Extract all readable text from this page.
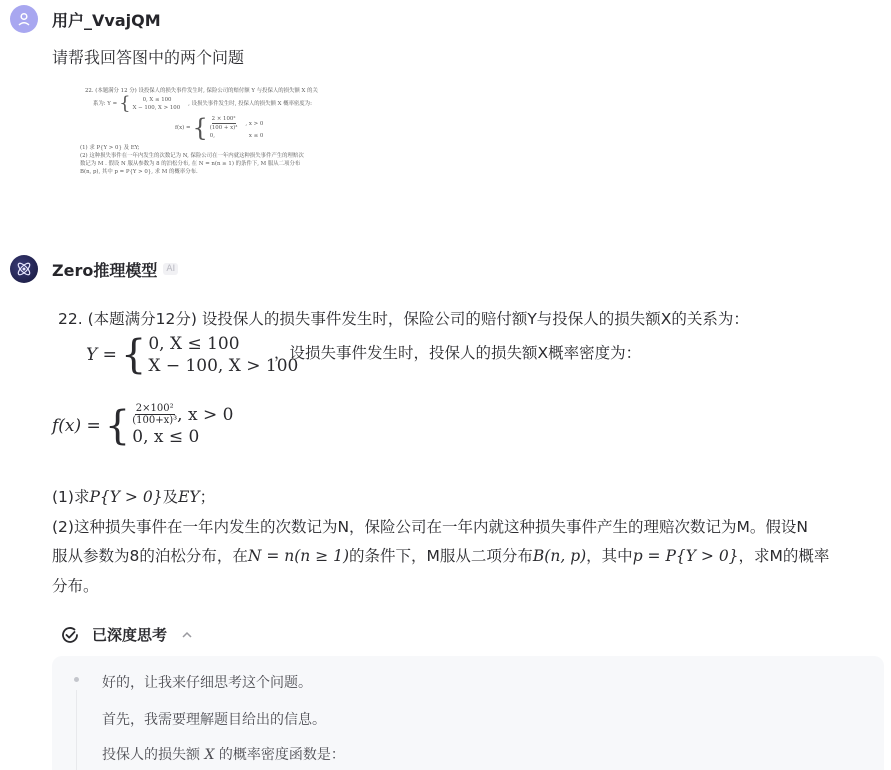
用户_VvajQM
请帮我回答图中的两个问题
22. (本题满分 12 分) 设投保人的损失事件发生时, 保险公司的赔付额 Y 与投保人的损失额 X 的关
系为: Y = { 0, X ≤ 100
X − 100, X > 100
, 设损失事件发生时, 投保人的损失额 X 概率密度为:
f(x) = { $\frac{\text{2 × 100²}}{\text{(100 + x)³}}$ , x > 0
0,	x ≤ 0
(1) 求 P{Y > 0} 及 EY;
(2) 这种损失事件在一年内发生的次数记为 N, 保险公司在一年内就这种损失事件产生的理赔次
数记为 M . 假设 N 服从参数为 8 的泊松分布, 在 N = n(n ≥ 1) 的条件下, M 服从二项分布
B(n, p), 其中 p = P{Y > 0}, 求 M 的概率分布.
Zero推理模型	AI
22. (本题满分12分) 设投保人的损失事件发生时，保险公司的赔付额Y与投保人的损失额X的关系为：
Y = { 0, X ≤ 100
X − 100, X > 100
，设损失事件发生时，投保人的损失额X概率密度为：
f(x) = { $\frac{\text{2×100²}}{\text{(100+x)³}}$ , x > 0
0, x ≤ 0
(1)求P{Y > 0}及EY；
(2)这种损失事件在一年内发生的次数记为N，保险公司在一年内就这种损失事件产生的理赔次数记为M。假设N
服从参数为8的泊松分布，在N = n(n ≥ 1)的条件下，M服从二项分布B(n, p)，其中p = P{Y > 0}，求M的概率
分布。
已深度思考
好的，让我来仔细思考这个问题。
首先，我需要理解题目给出的信息。
投保人的损失额 X 的概率密度函数是：
